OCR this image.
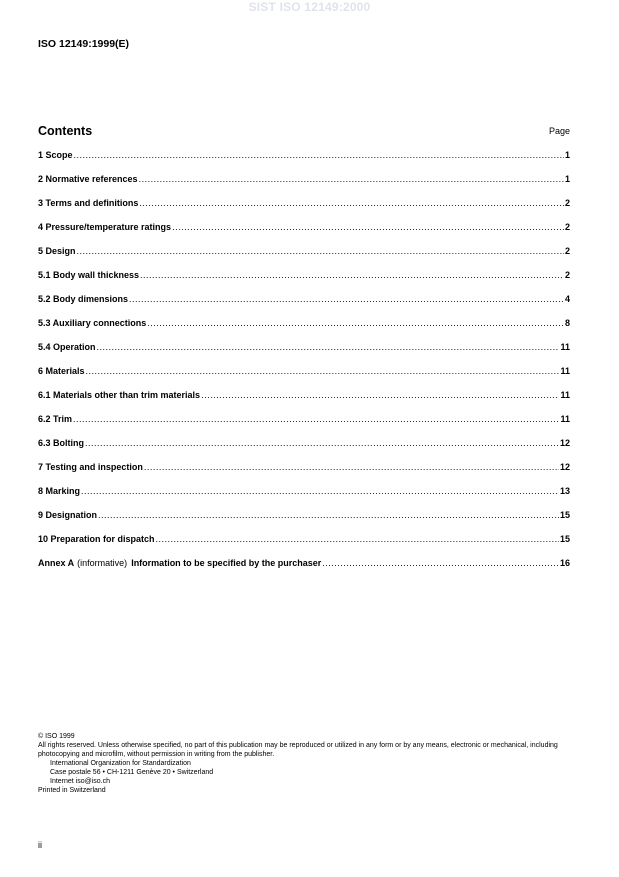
SIST ISO 12149:2000
ISO 12149:1999(E)
Contents	Page
1 Scope .....	1
2 Normative references .....	1
3 Terms and definitions .....	2
4 Pressure/temperature ratings .....	2
5 Design .....	2
5.1 Body wall thickness .....	2
5.2 Body dimensions .....	4
5.3 Auxiliary connections .....	8
5.4 Operation .....	11
6 Materials .....	11
6.1 Materials other than trim materials .....	11
6.2 Trim .....	11
6.3 Bolting .....	12
7 Testing and inspection .....	12
8 Marking .....	13
9 Designation .....	15
10 Preparation for dispatch .....	15
Annex A (informative) Information to be specified by the purchaser .....	16
© ISO 1999
All rights reserved. Unless otherwise specified, no part of this publication may be reproduced or utilized in any form or by any means, electronic or mechanical, including photocopying and microfilm, without permission in writing from the publisher.
International Organization for Standardization
Case postale 56 • CH-1211 Genève 20 • Switzerland
Internet iso@iso.ch
Printed in Switzerland
ii
